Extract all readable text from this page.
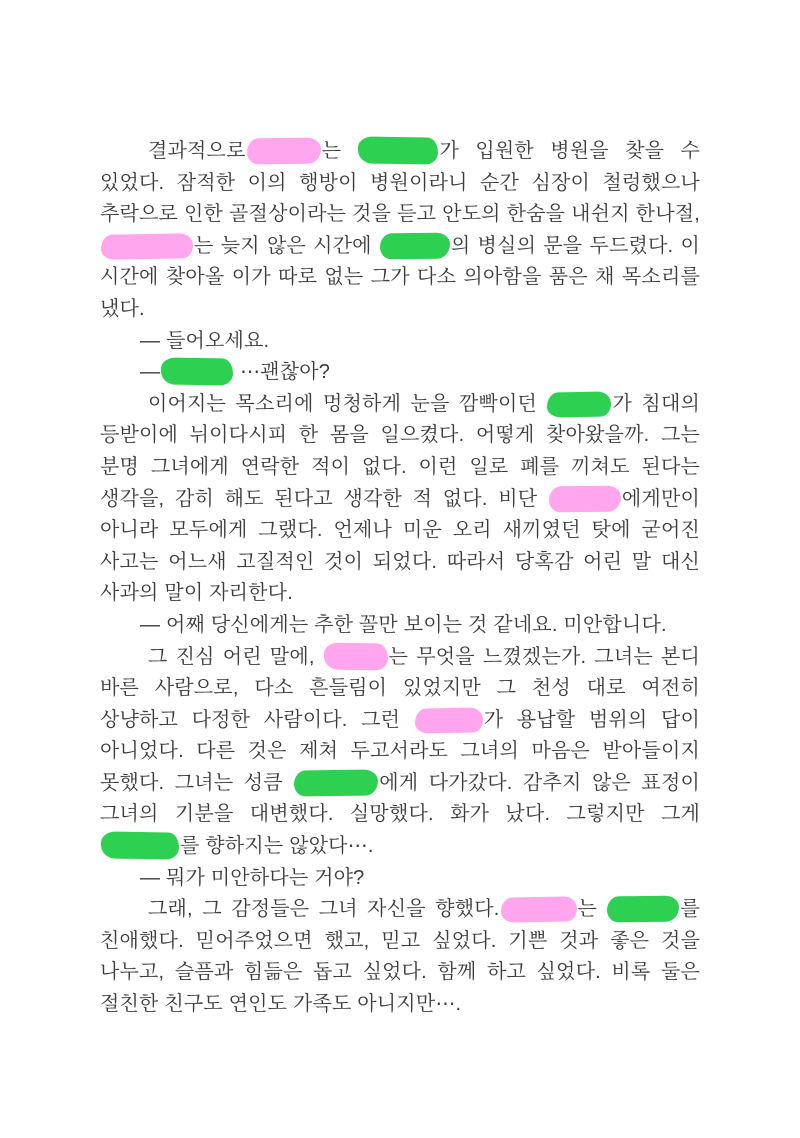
결과적으로	는	가 입원한 병원을 찾을 수 있었다. 잠적한 이의 행방이 병원이라니 순간 심장이 철렁했으나 추락으로 인한 골절상이라는 것을 듣고 안도의 한숨을 내쉰지 한나절, 는 늦지 않은 시간에	의 병실의 문을 두드렸다. 이 시간에 찾아올 이가 따로 없는 그가 다소 의아함을 품은 채 목소리를 냈다.

— 들어오세요.

—	⋯괜찮아?

이어지는 목소리에 멍청하게 눈을 깜빡이던	가 침대의 등받이에 뉘이다시피 한 몸을 일으켰다. 어떻게 찾아왔을까. 그는 분명 그녀에게 연락한 적이 없다. 이런 일로 폐를 끼쳐도 된다는 생각을, 감히 해도 된다고 생각한 적 없다. 비단	에게만이 아니라 모두에게 그랬다. 언제나 미운 오리 새끼였던 탓에 굳어진 사고는 어느새 고질적인 것이 되었다. 따라서 당혹감 어린 말 대신 사과의 말이 자리한다.

— 어째 당신에게는 추한 꼴만 보이는 것 같네요. 미안합니다.

그 진심 어린 말에,	는 무엇을 느꼈겠는가. 그녀는 본디 바른 사람으로, 다소 흔들림이 있었지만 그 천성 대로 여전히 상냥하고 다정한 사람이다. 그런	가 용납할 범위의 답이 아니었다. 다른 것은 제쳐 두고서라도 그녀의 마음은 받아들이지 못했다. 그녀는 성큼	에게 다가갔다. 감추지 않은 표정이 그녀의 기분을 대변했다. 실망했다. 화가 났다. 그렇지만 그게 를 향하지는 않았다⋯.

— 뭐가 미안하다는 거야?

그래, 그 감정들은 그녀 자신을 향했다.	는	를 친애했다. 믿어주었으면 했고, 믿고 싶었다. 기쁜 것과 좋은 것을 나누고, 슬픔과 힘듦은 돕고 싶었다. 함께 하고 싶었다. 비록 둘은 절친한 친구도 연인도 가족도 아니지만⋯.
